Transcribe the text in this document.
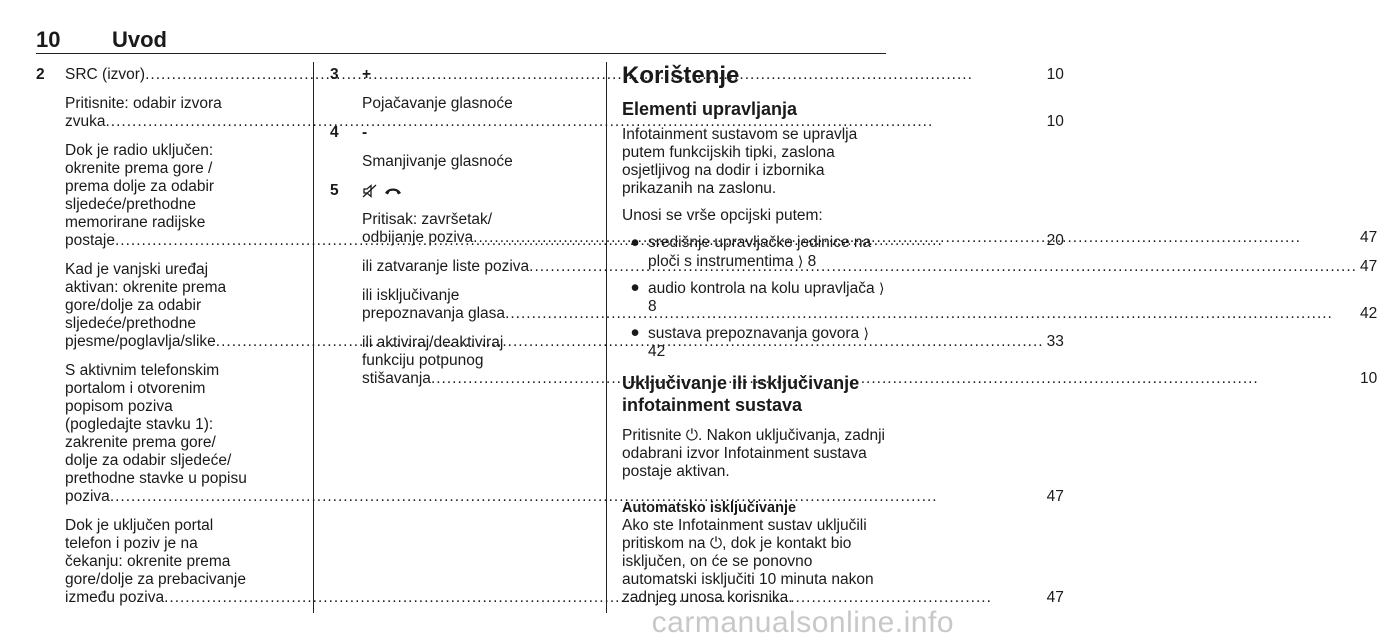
10 Uvod
2	SRC (izvor) .....	10
Pritisnite: odabir izvora
zvuka .....	10
Dok je radio uključen:
okrenite prema gore /
prema dolje za odabir
sljedeće/prethodne
memorirane radijske
postaje .....	20
Kad je vanjski uređaj
aktivan: okrenite prema
gore/dolje za odabir
sljedeće/prethodne
pjesme/poglavlja/slike .....	33
S aktivnim telefonskim
portalom i otvorenim
popisom poziva
(pogledajte stavku 1):
zakrenite prema gore/
dolje za odabir sljedeće/
prethodne stavke u popisu
poziva .....	47
Dok je uključen portal
telefon i poziv je na
čekanju: okrenite prema
gore/dolje za prebacivanje
između poziva .....	47
3	+
Pojačavanje glasnoće
4	-
Smanjivanje glasnoće
5
Pritisak: završetak/
odbijanje poziva .....	47
ili zatvaranje liste poziva .....	47
ili isključivanje
prepoznavanja glasa .....	42
ili aktiviraj/deaktiviraj
funkciju potpunog
stišavanja .....	10
Korištenje
Elementi upravljanja

Infotainment sustavom se upravlja putem funkcijskih tipki, zaslona osjetljivog na dodir i izbornika prikazanih na zaslonu.

Unosi se vrše opcijski putem:

● središnje upravljačke jedinice na ploči s instrumentima ⟩ 8
● audio kontrola na kolu upravljača ⟩ 8
● sustava prepoznavanja govora ⟩ 42
Uključivanje ili isključivanje infotainment sustava

Pritisnite ⏻. Nakon uključivanja, zadnji odabrani izvor Infotainment sustava postaje aktivan.

Automatsko isključivanje

Ako ste Infotainment sustav uključili pritiskom na ⏻, dok je kontakt bio isključen, on će se ponovno automatski isključiti 10 minuta nakon zadnjeg unosa korisnika.

carmanualsonline.info
